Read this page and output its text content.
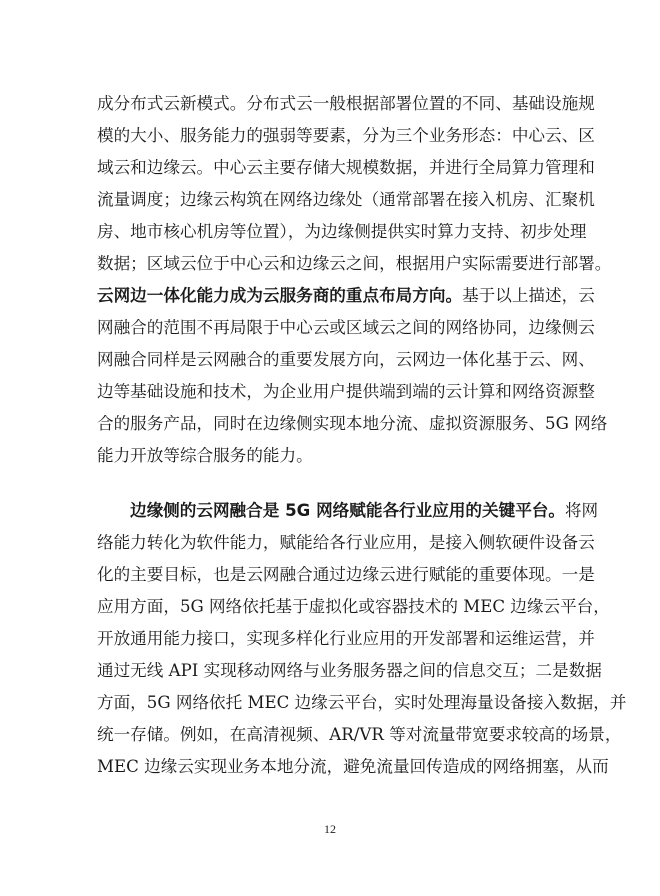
成分布式云新模式。分布式云一般根据部署位置的不同、基础设施规
模的大小、服务能力的强弱等要素，分为三个业务形态：中心云、区
域云和边缘云。中心云主要存储大规模数据，并进行全局算力管理和
流量调度；边缘云构筑在网络边缘处（通常部署在接入机房、汇聚机
房、地市核心机房等位置），为边缘侧提供实时算力支持、初步处理
数据；区域云位于中心云和边缘云之间，根据用户实际需要进行部署。
云网边一体化能力成为云服务商的重点布局方向。基于以上描述，云
网融合的范围不再局限于中心云或区域云之间的网络协同，边缘侧云
网融合同样是云网融合的重要发展方向，云网边一体化基于云、网、
边等基础设施和技术，为企业用户提供端到端的云计算和网络资源整
合的服务产品，同时在边缘侧实现本地分流、虚拟资源服务、5G 网络
能力开放等综合服务的能力。
边缘侧的云网融合是 5G 网络赋能各行业应用的关键平台。将网
络能力转化为软件能力，赋能给各行业应用，是接入侧软硬件设备云
化的主要目标，也是云网融合通过边缘云进行赋能的重要体现。一是
应用方面，5G 网络依托基于虚拟化或容器技术的 MEC 边缘云平台，
开放通用能力接口，实现多样化行业应用的开发部署和运维运营，并
通过无线 API 实现移动网络与业务服务器之间的信息交互；二是数据
方面，5G 网络依托 MEC 边缘云平台，实时处理海量设备接入数据，并
统一存储。例如，在高清视频、AR/VR 等对流量带宽要求较高的场景，
MEC 边缘云实现业务本地分流，避免流量回传造成的网络拥塞，从而
12
